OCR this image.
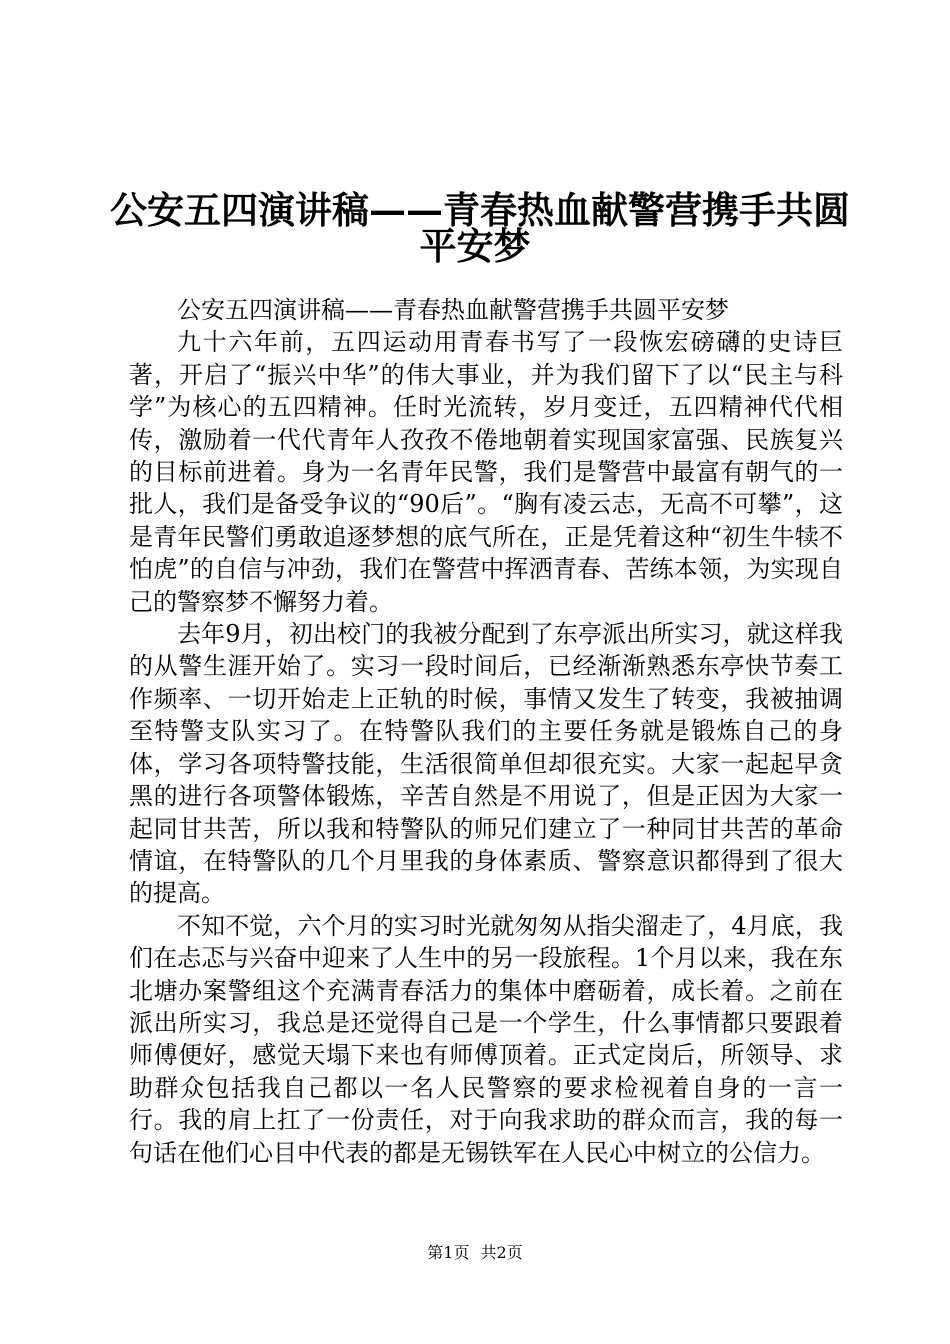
公安五四演讲稿——青春热血献警营携手共圆
平安梦

公安五四演讲稿——青春热血献警营携手共圆平安梦

九十六年前，五四运动用青春书写了一段恢宏磅礴的史诗巨著，开启了“振兴中华”的伟大事业，并为我们留下了以“民主与科学”为核心的五四精神。任时光流转，岁月变迁，五四精神代代相传，激励着一代代青年人孜孜不倦地朝着实现国家富强、民族复兴的目标前进着。身为一名青年民警，我们是警营中最富有朝气的一批人，我们是备受争议的“90后”。“胸有凌云志，无高不可攀”，这是青年民警们勇敢追逐梦想的底气所在，正是凭着这种“初生牛犊不怕虎”的自信与冲劲，我们在警营中挥洒青春、苦练本领，为实现自己的警察梦不懈努力着。

去年9月，初出校门的我被分配到了东亭派出所实习，就这样我的从警生涯开始了。实习一段时间后，已经渐渐熟悉东亭快节奏工作频率、一切开始走上正轨的时候，事情又发生了转变，我被抽调至特警支队实习了。在特警队我们的主要任务就是锻炼自己的身体，学习各项特警技能，生活很简单但却很充实。大家一起起早贪黑的进行各项警体锻炼，辛苦自然是不用说了，但是正因为大家一起同甘共苦，所以我和特警队的师兄们建立了一种同甘共苦的革命情谊，在特警队的几个月里我的身体素质、警察意识都得到了很大的提高。

不知不觉，六个月的实习时光就匆匆从指尖溜走了，4月底，我们在忐忑与兴奋中迎来了人生中的另一段旅程。1个月以来，我在东北塘办案警组这个充满青春活力的集体中磨砺着，成长着。之前在派出所实习，我总是还觉得自己是一个学生，什么事情都只要跟着师傅便好，感觉天塌下来也有师傅顶着。正式定岗后，所领导、求助群众包括我自己都以一名人民警察的要求检视着自身的一言一行。我的肩上扛了一份责任，对于向我求助的群众而言，我的每一句话在他们心目中代表的都是无锡铁军在人民心中树立的公信力。

第1页 共2页
